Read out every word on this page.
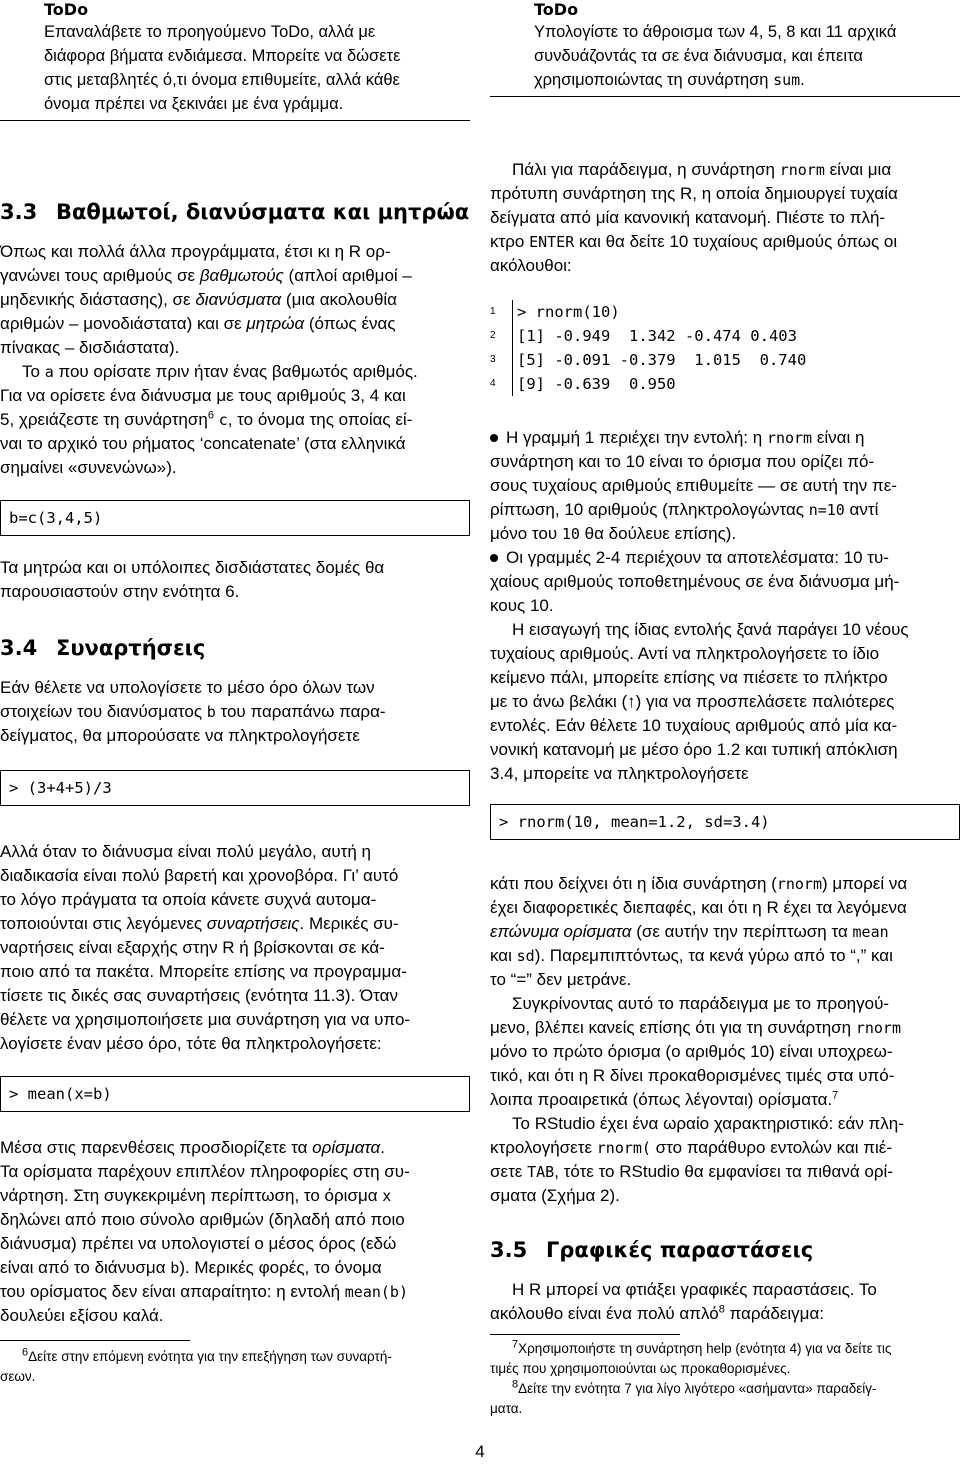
ToDo
Επαναλάβετε το προηγούμενο ToDo, αλλά με
διάφορα βήματα ενδιάμεσα. Μπορείτε να δώσετε
στις μεταβλητές ό,τι όνομα επιθυμείτε, αλλά κάθε
όνομα πρέπει να ξεκινάει με ένα γράμμα.
ToDo
Υπολογίστε το άθροισμα των 4, 5, 8 και 11 αρχικά
συνδυάζοντάς τα σε ένα διάνυσμα, και έπειτα
χρησιμοποιώντας τη συνάρτηση sum.
3.3 Βαθμωτοί, διανύσματα και μητρώα

Όπως και πολλά άλλα προγράμματα, έτσι κι η R ορ-
γανώνει τους αριθμούς σε βαθμωτούς (απλοί αριθμοί –
μηδενικής διάστασης), σε διανύσματα (μια ακολουθία
αριθμών – μονοδιάστατα) και σε μητρώα (όπως ένας
πίνακας – δισδιάστατα).

Το a που ορίσατε πριν ήταν ένας βαθμωτός αριθμός.

Για να ορίσετε ένα διάνυσμα με τους αριθμούς 3, 4 και
5, χρειάζεστε τη συνάρτηση$^6$ c, το όνομα της οποίας εί-
ναι το αρχικό του ρήματος ‘concatenate’ (στα ελληνικά
σημαίνει «συνενώνω»).

b=c(3,4,5)

Τα μητρώα και οι υπόλοιπες δισδιάστατες δομές θα
παρουσιαστούν στην ενότητα 6.

3.4 Συναρτήσεις

Εάν θέλετε να υπολογίσετε το μέσο όρο όλων των
στοιχείων του διανύσματος b του παραπάνω παρα-
δείγματος, θα μπορούσατε να πληκτρολογήσετε

> (3+4+5)/3

Αλλά όταν το διάνυσμα είναι πολύ μεγάλο, αυτή η
διαδικασία είναι πολύ βαρετή και χρονοβόρα. Γι’ αυτό
το λόγο πράγματα τα οποία κάνετε συχνά αυτομα-
τοποιούνται στις λεγόμενες συναρτήσεις. Μερικές συ-
ναρτήσεις είναι εξαρχής στην R ή βρίσκονται σε κά-
ποιο από τα πακέτα. Μπορείτε επίσης να προγραμμα-
τίσετε τις δικές σας συναρτήσεις (ενότητα 11.3). Όταν
θέλετε να χρησιμοποιήσετε μια συνάρτηση για να υπο-
λογίσετε έναν μέσο όρο, τότε θα πληκτρολογήσετε:

> mean(x=b)

Μέσα στις παρενθέσεις προσδιορίζετε τα ορίσματα.
Τα ορίσματα παρέχουν επιπλέον πληροφορίες στη συ-
νάρτηση. Στη συγκεκριμένη περίπτωση, το όρισμα x
δηλώνει από ποιο σύνολο αριθμών (δηλαδή από ποιο
διάνυσμα) πρέπει να υπολογιστεί ο μέσος όρος (εδώ
είναι από το διάνυσμα b). Μερικές φορές, το όνομα
του ορίσματος δεν είναι απαραίτητο: η εντολή mean(b)
δουλεύει εξίσου καλά.

$^6$Δείτε στην επόμενη ενότητα για την επεξήγηση των συναρτή-
σεων.

Πάλι για παράδειγμα, η συνάρτηση rnorm είναι μια
πρότυπη συνάρτηση της R, η οποία δημιουργεί τυχαία
δείγματα από μία κανονική κατανομή. Πιέστε το πλή-
κτρο ENTER και θα δείτε 10 τυχαίους αριθμούς όπως οι
ακόλουθοι:

1	> rnorm(10)
2	[1] -0.949  1.342 -0.474 0.403
3	[5] -0.091 -0.379  1.015  0.740
4	[9] -0.639  0.950

Η γραμμή 1 περιέχει την εντολή: η rnorm είναι η
συνάρτηση και το 10 είναι το όρισμα που ορίζει πό-
σους τυχαίους αριθμούς επιθυμείτε — σε αυτή την πε-
ρίπτωση, 10 αριθμούς (πληκτρολογώντας n=10 αντί
μόνο του 10 θα δούλευε επίσης).

Οι γραμμές 2-4 περιέχουν τα αποτελέσματα: 10 τυ-
χαίους αριθμούς τοποθετημένους σε ένα διάνυσμα μή-
κους 10.

Η εισαγωγή της ίδιας εντολής ξανά παράγει 10 νέους
τυχαίους αριθμούς. Αντί να πληκτρολογήσετε το ίδιο
κείμενο πάλι, μπορείτε επίσης να πιέσετε το πλήκτρο
με το άνω βελάκι (↑) για να προσπελάσετε παλιότερες
εντολές. Εάν θέλετε 10 τυχαίους αριθμούς από μία κα-
νονική κατανομή με μέσο όρο 1.2 και τυπική απόκλιση
3.4, μπορείτε να πληκτρολογήσετε

> rnorm(10, mean=1.2, sd=3.4)

κάτι που δείχνει ότι η ίδια συνάρτηση (rnorm) μπορεί να
έχει διαφορετικές διεπαφές, και ότι η R έχει τα λεγόμενα
επώνυμα ορίσματα (σε αυτήν την περίπτωση τα mean
και sd). Παρεμπιπτόντως, τα κενά γύρω από το “,” και
το “=” δεν μετράνε.

Συγκρίνοντας αυτό το παράδειγμα με το προηγού-
μενο, βλέπει κανείς επίσης ότι για τη συνάρτηση rnorm
μόνο το πρώτο όρισμα (ο αριθμός 10) είναι υποχρεω-
τικό, και ότι η R δίνει προκαθορισμένες τιμές στα υπό-
λοιπα προαιρετικά (όπως λέγονται) ορίσματα.$^7$

Το RStudio έχει ένα ωραίο χαρακτηριστικό: εάν πλη-
κτρολογήσετε rnorm( στο παράθυρο εντολών και πιέ-
σετε TAB, τότε το RStudio θα εμφανίσει τα πιθανά ορί-
σματα (Σχήμα 2).

3.5 Γραφικές παραστάσεις

Η R μπορεί να φτιάξει γραφικές παραστάσεις. Το
ακόλουθο είναι ένα πολύ απλό$^8$ παράδειγμα:

$^7$Χρησιμοποιήστε τη συνάρτηση help (ενότητα 4) για να δείτε τις
τιμές που χρησιμοποιούνται ως προκαθορισμένες.
$^8$Δείτε την ενότητα 7 για λίγο λιγότερο «ασήμαντα» παραδείγ-
ματα.
4
